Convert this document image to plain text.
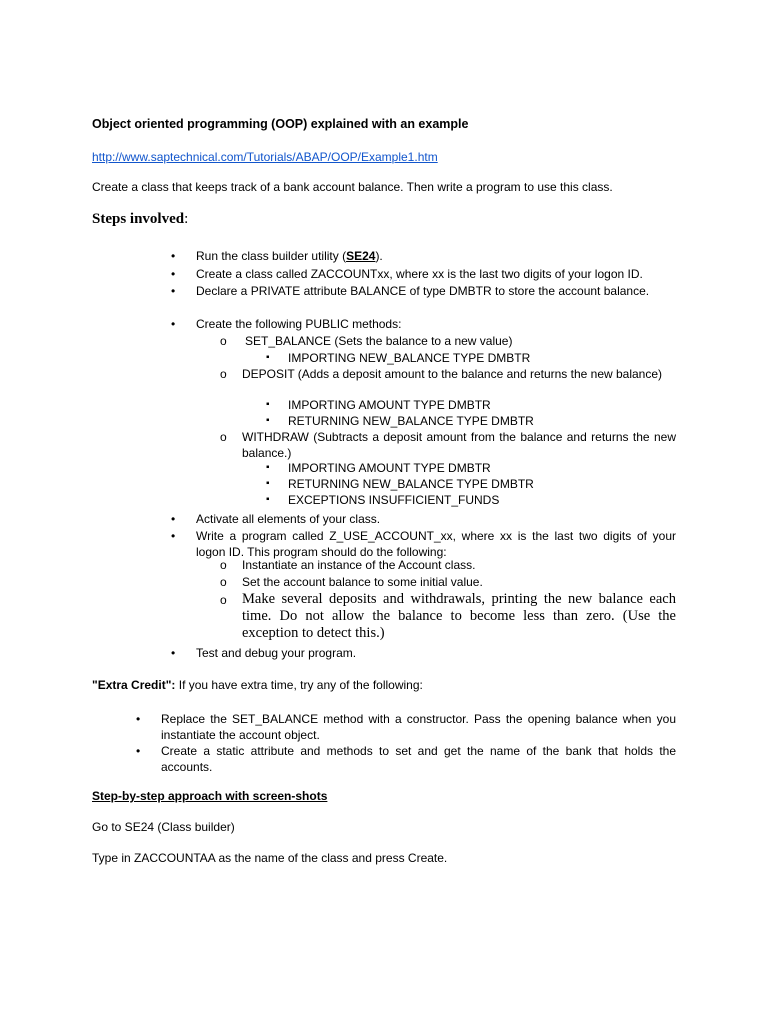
Object oriented programming (OOP) explained with an example
http://www.saptechnical.com/Tutorials/ABAP/OOP/Example1.htm
Create a class that keeps track of a bank account balance. Then write a program to use this class.
Steps involved:
• Run the class builder utility (SE24).
• Create a class called ZACCOUNTxx, where xx is the last two digits of your logon ID.
• Declare a PRIVATE attribute BALANCE of type DMBTR to store the account balance.
• Create the following PUBLIC methods:
o SET_BALANCE (Sets the balance to a new value)
▪ IMPORTING NEW_BALANCE TYPE DMBTR
o DEPOSIT (Adds a deposit amount to the balance and returns the new balance)
▪ IMPORTING AMOUNT TYPE DMBTR
▪ RETURNING NEW_BALANCE TYPE DMBTR
o WITHDRAW (Subtracts a deposit amount from the balance and returns the new balance.)
▪ IMPORTING AMOUNT TYPE DMBTR
▪ RETURNING NEW_BALANCE TYPE DMBTR
▪ EXCEPTIONS INSUFFICIENT_FUNDS
• Activate all elements of your class.
• Write a program called Z_USE_ACCOUNT_xx, where xx is the last two digits of your logon ID. This program should do the following:
o Instantiate an instance of the Account class.
o Set the account balance to some initial value.
o Make several deposits and withdrawals, printing the new balance each time. Do not allow the balance to become less than zero. (Use the exception to detect this.)
• Test and debug your program.
"Extra Credit": If you have extra time, try any of the following:
• Replace the SET_BALANCE method with a constructor. Pass the opening balance when you instantiate the account object.
• Create a static attribute and methods to set and get the name of the bank that holds the accounts.
Step-by-step approach with screen-shots
Go to SE24 (Class builder)
Type in ZACCOUNTAA as the name of the class and press Create.
